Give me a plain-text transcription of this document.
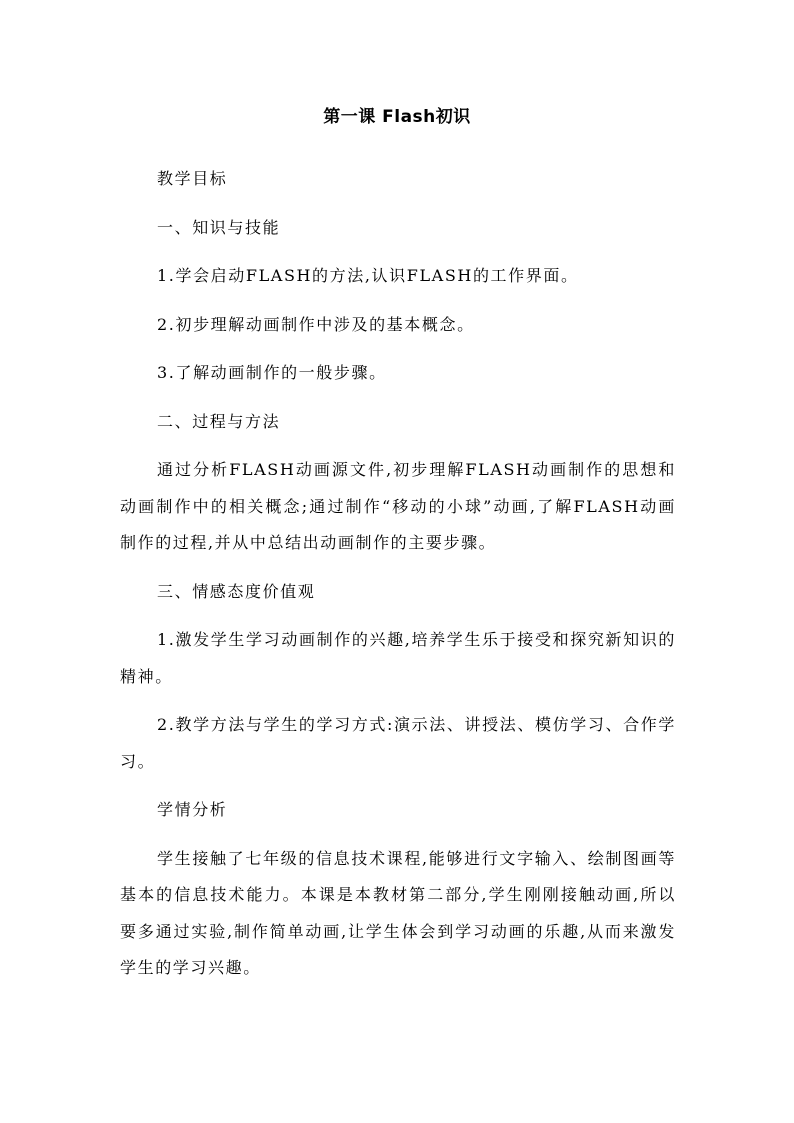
第一课 Flash初识

教学目标

一、知识与技能

1.学会启动FLASH的方法,认识FLASH的工作界面。

2.初步理解动画制作中涉及的基本概念。

3.了解动画制作的一般步骤。

二、过程与方法

通过分析FLASH动画源文件,初步理解FLASH动画制作的思想和动画制作中的相关概念;通过制作“移动的小球”动画,了解FLASH动画制作的过程,并从中总结出动画制作的主要步骤。

三、情感态度价值观

1.激发学生学习动画制作的兴趣,培养学生乐于接受和探究新知识的精神。

2.教学方法与学生的学习方式:演示法、讲授法、模仿学习、合作学习。

学情分析

学生接触了七年级的信息技术课程,能够进行文字输入、绘制图画等基本的信息技术能力。本课是本教材第二部分,学生刚刚接触动画,所以要多通过实验,制作简单动画,让学生体会到学习动画的乐趣,从而来激发学生的学习兴趣。
